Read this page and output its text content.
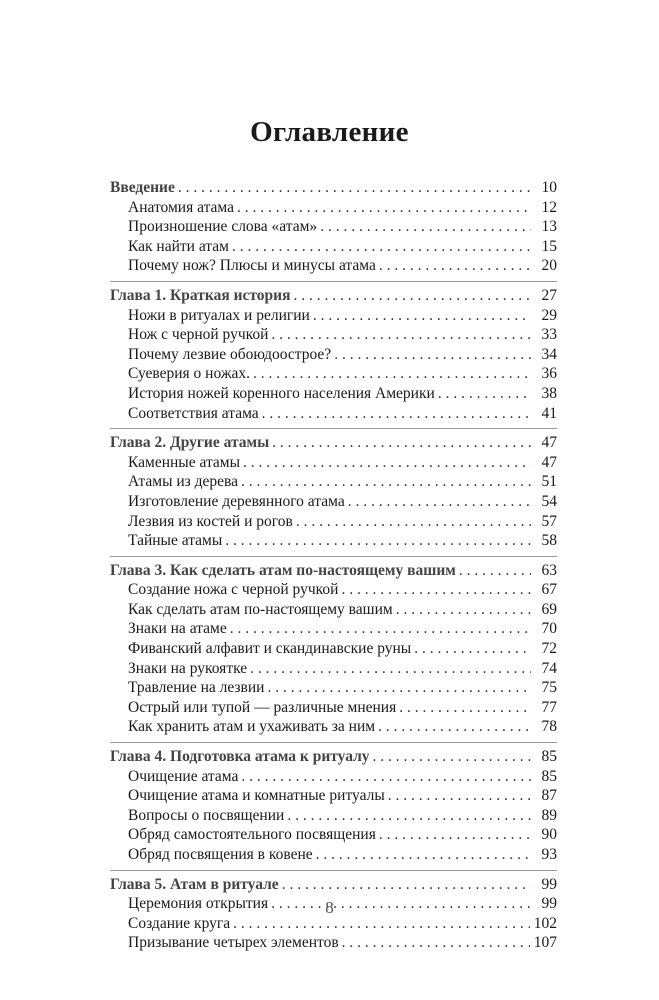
Оглавление
Введение . . .	10
Анатомия атама . . .	12
Произношение слова «атам» . . .	13
Как найти атам . . .	15
Почему нож? Плюсы и минусы атама . . .	20
Глава 1. Краткая история . . .	27
Ножи в ритуалах и религии . . .	29
Нож с черной ручкой . . .	33
Почему лезвие обоюдоострое? . . .	34
Суеверия о ножах. . . .	36
История ножей коренного населения Америки . . .	38
Соответствия атама . . .	41
Глава 2. Другие атамы . . .	47
Каменные атамы . . .	47
Атамы из дерева . . .	51
Изготовление деревянного атама . . .	54
Лезвия из костей и рогов . . .	57
Тайные атамы . . .	58
Глава 3. Как сделать атам по-настоящему вашим . . .	63
Создание ножа с черной ручкой . . .	67
Как сделать атам по-настоящему вашим . . .	69
Знаки на атаме . . .	70
Фиванский алфавит и скандинавские руны . . .	72
Знаки на рукоятке . . .	74
Травление на лезвии . . .	75
Острый или тупой — различные мнения . . .	77
Как хранить атам и ухаживать за ним . . .	78
Глава 4. Подготовка атама к ритуалу . . .	85
Очищение атама . . .	85
Очищение атама и комнатные ритуалы . . .	87
Вопросы о посвящении . . .	89
Обряд самостоятельного посвящения . . .	90
Обряд посвящения в ковене . . .	93
Глава 5. Атам в ритуале . . .	99
Церемония открытия . . .	99
Создание круга . . .	102
Призывание четырех элементов . . .	107
8
